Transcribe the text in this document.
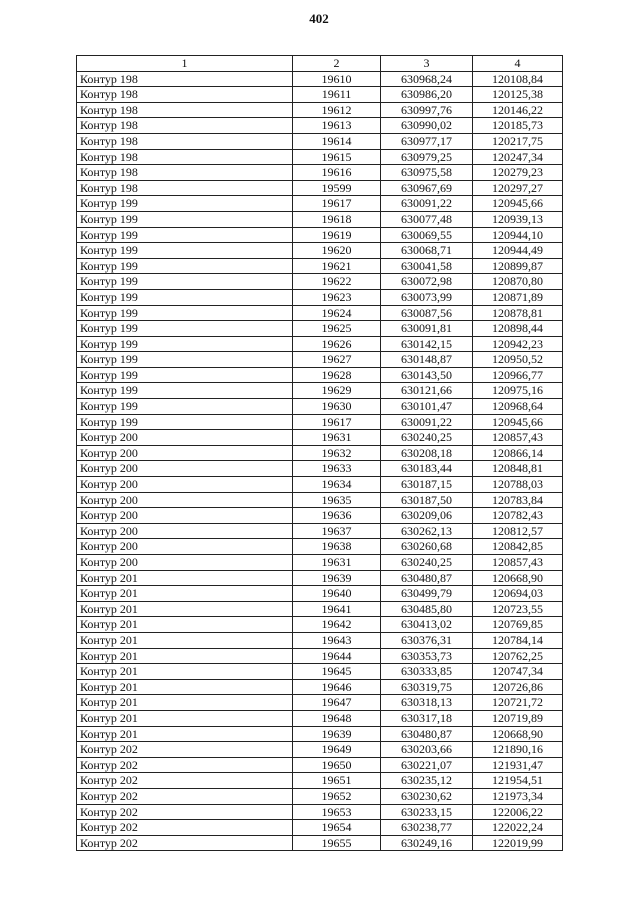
402
1	2	3	4
Контур 198	19610	630968,24	120108,84
Контур 198	19611	630986,20	120125,38
Контур 198	19612	630997,76	120146,22
Контур 198	19613	630990,02	120185,73
Контур 198	19614	630977,17	120217,75
Контур 198	19615	630979,25	120247,34
Контур 198	19616	630975,58	120279,23
Контур 198	19599	630967,69	120297,27
Контур 199	19617	630091,22	120945,66
Контур 199	19618	630077,48	120939,13
Контур 199	19619	630069,55	120944,10
Контур 199	19620	630068,71	120944,49
Контур 199	19621	630041,58	120899,87
Контур 199	19622	630072,98	120870,80
Контур 199	19623	630073,99	120871,89
Контур 199	19624	630087,56	120878,81
Контур 199	19625	630091,81	120898,44
Контур 199	19626	630142,15	120942,23
Контур 199	19627	630148,87	120950,52
Контур 199	19628	630143,50	120966,77
Контур 199	19629	630121,66	120975,16
Контур 199	19630	630101,47	120968,64
Контур 199	19617	630091,22	120945,66
Контур 200	19631	630240,25	120857,43
Контур 200	19632	630208,18	120866,14
Контур 200	19633	630183,44	120848,81
Контур 200	19634	630187,15	120788,03
Контур 200	19635	630187,50	120783,84
Контур 200	19636	630209,06	120782,43
Контур 200	19637	630262,13	120812,57
Контур 200	19638	630260,68	120842,85
Контур 200	19631	630240,25	120857,43
Контур 201	19639	630480,87	120668,90
Контур 201	19640	630499,79	120694,03
Контур 201	19641	630485,80	120723,55
Контур 201	19642	630413,02	120769,85
Контур 201	19643	630376,31	120784,14
Контур 201	19644	630353,73	120762,25
Контур 201	19645	630333,85	120747,34
Контур 201	19646	630319,75	120726,86
Контур 201	19647	630318,13	120721,72
Контур 201	19648	630317,18	120719,89
Контур 201	19639	630480,87	120668,90
Контур 202	19649	630203,66	121890,16
Контур 202	19650	630221,07	121931,47
Контур 202	19651	630235,12	121954,51
Контур 202	19652	630230,62	121973,34
Контур 202	19653	630233,15	122006,22
Контур 202	19654	630238,77	122022,24
Контур 202	19655	630249,16	122019,99
